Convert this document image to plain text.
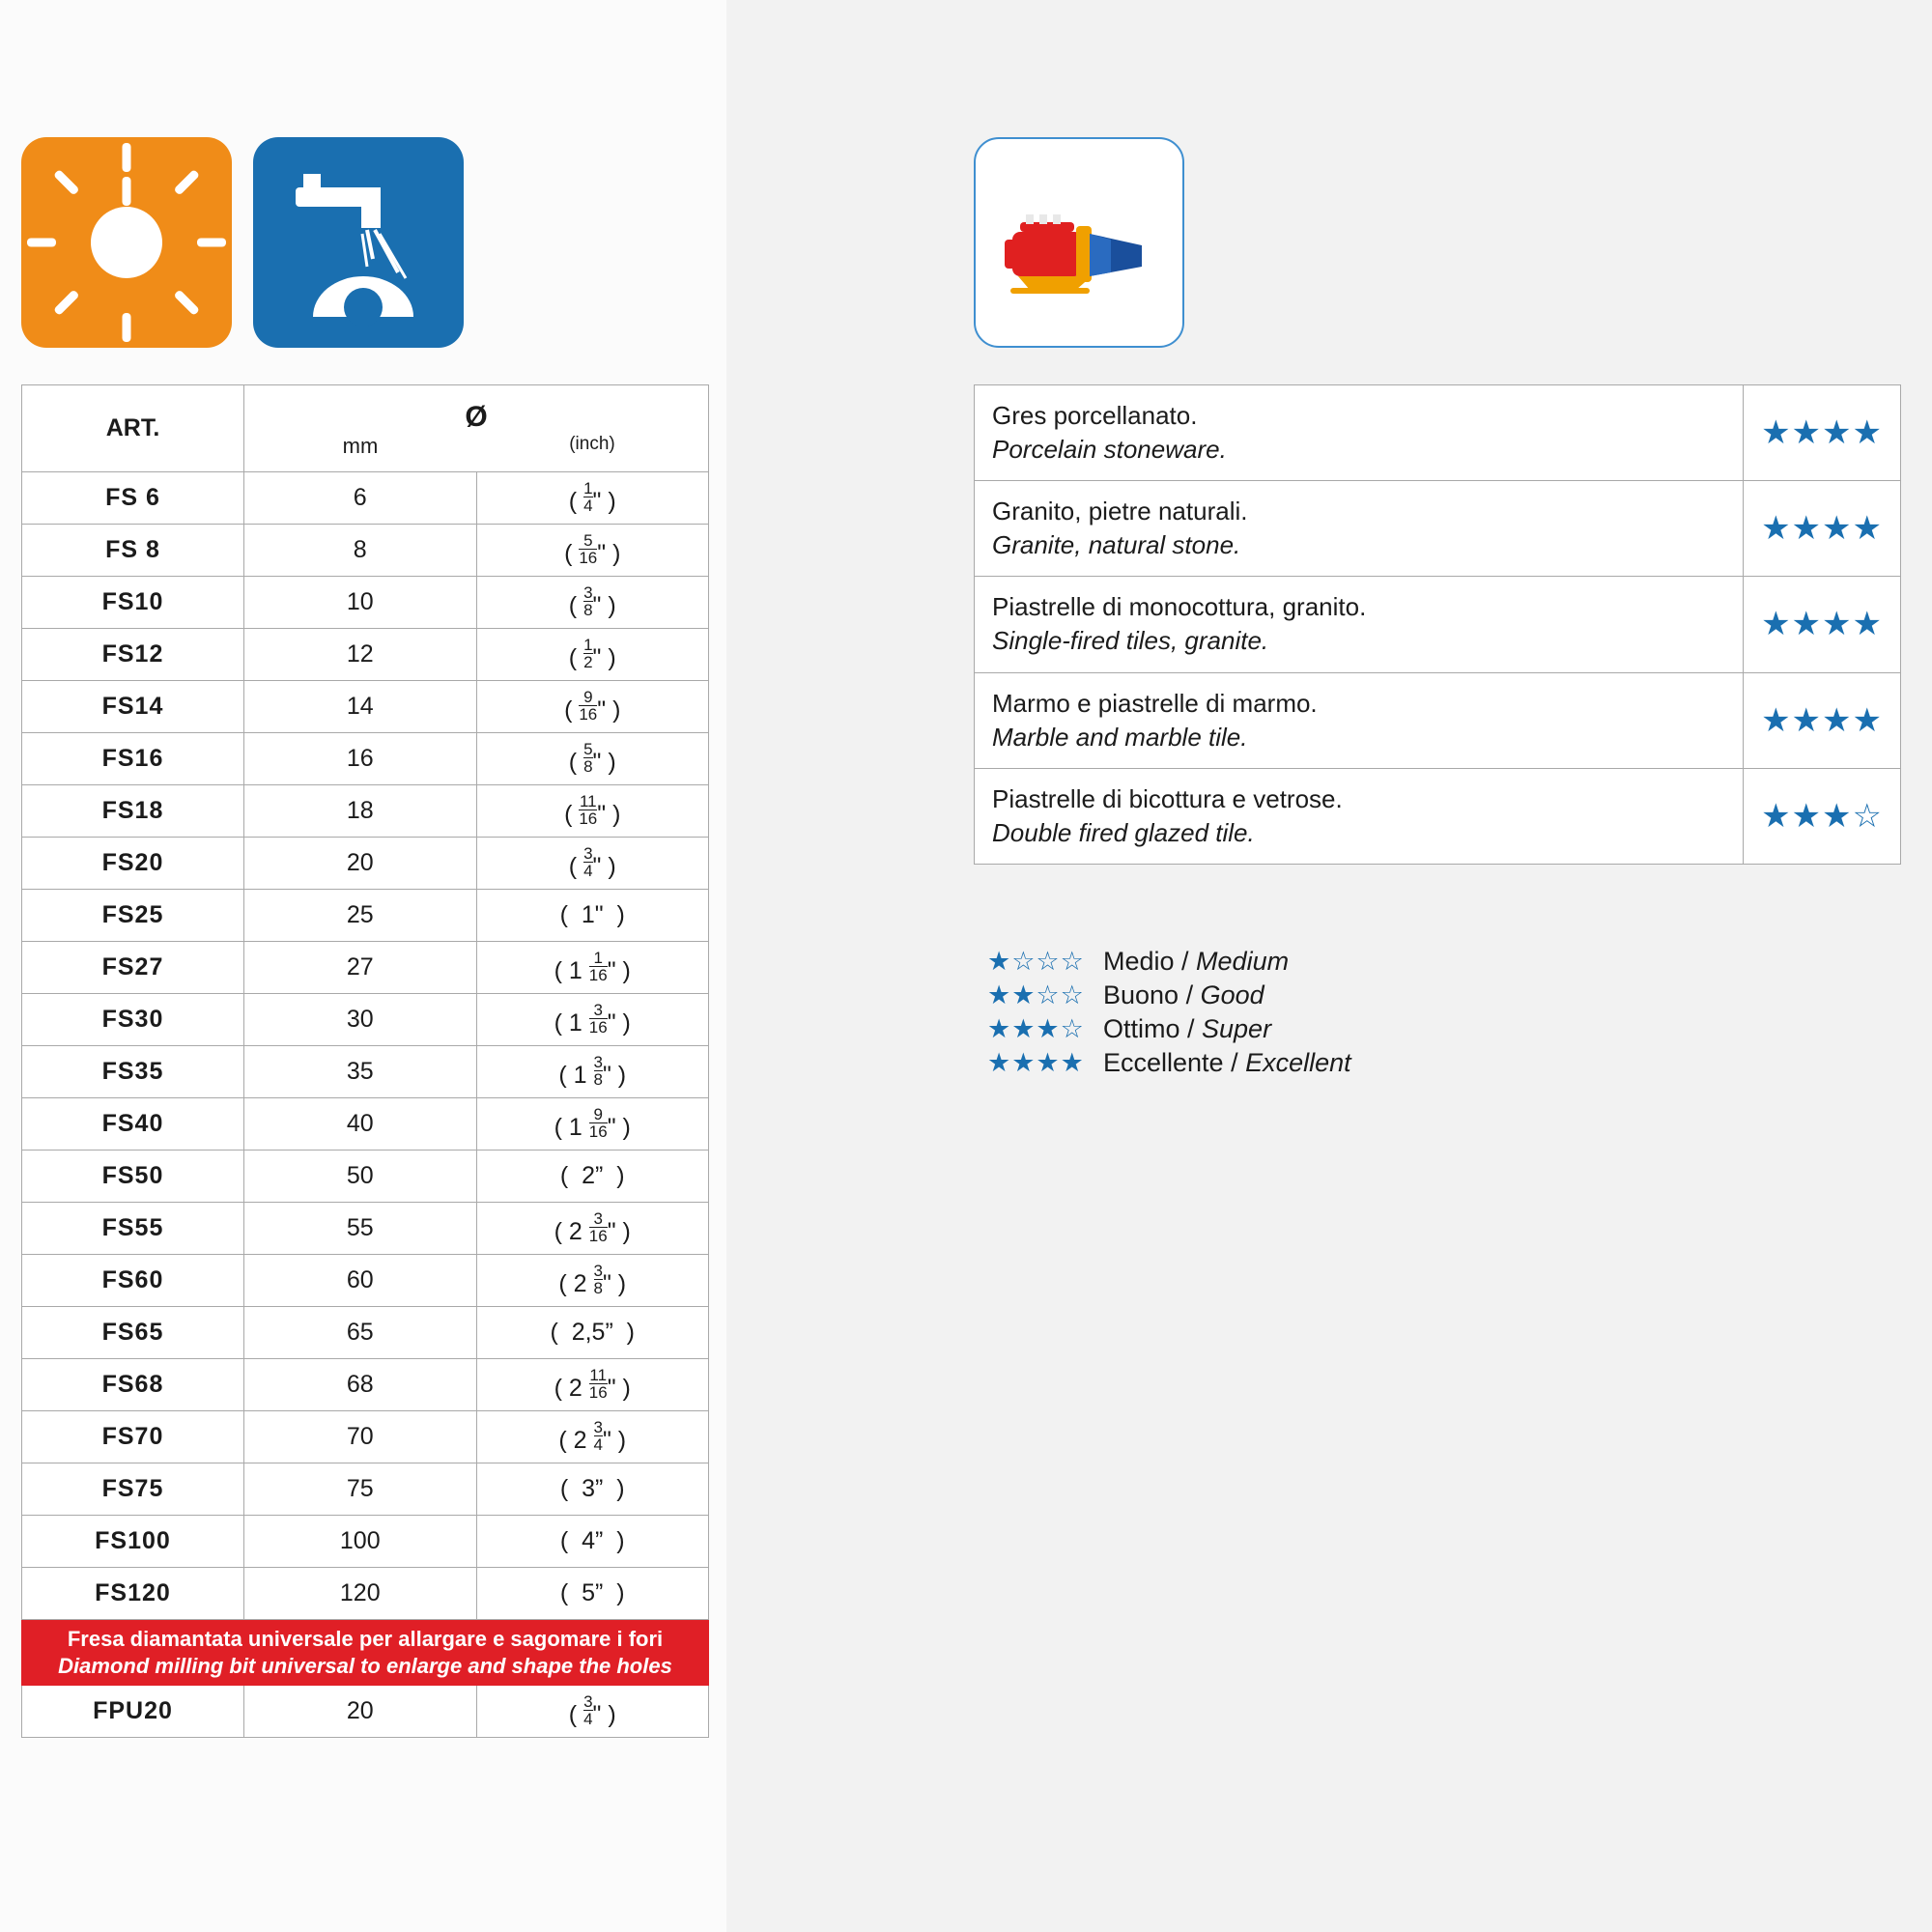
ART.	Ø
mm (inch)	

FS 6	6	( $\frac{1}{4}$ " )
FS 8	8	( $\frac{5}{16}$ " )
FS10	10	( $\frac{3}{8}$ " )
FS12	12	( $\frac{1}{2}$ " )
FS14	14	( $\frac{9}{16}$ " )
FS16	16	( $\frac{5}{8}$ " )
FS18	18	( $\frac{11}{16}$ " )
FS20	20	( $\frac{3}{4}$ " )
FS25	25	(  1"  )
FS27	27	( $1 \frac{1}{16}$ " )
FS30	30	( $1 \frac{3}{16}$ " )
FS35	35	( $1 \frac{3}{8}$ " )
FS40	40	( $1 \frac{9}{16}$ " )
FS50	50	(  2”  )
FS55	55	( $2 \frac{3}{16}$ " )
FS60	60	( $2 \frac{3}{8}$ " )
FS65	65	(  2,5”  )
FS68	68	( $2 \frac{11}{16}$ " )
FS70	70	( $2 \frac{3}{4}$ " )
FS75	75	(  3”  )
FS100	100	(  4”  )
FS120	120	(  5”  )

Fresa diamantata universale per allargare e sagomare i fori
Diamond milling bit universal to enlarge and shape the holes		

FPU20	20	( $\frac{3}{4}$ " )
Gres porcellanato.
Porcelain stoneware.	★★★★

Granito, pietre naturali.
Granite, natural stone.	★★★★

Piastrelle di monocottura, granito.
Single-fired tiles, granite.	★★★★

Marmo e piastrelle di marmo.
Marble and marble tile.	★★★★

Piastrelle di bicottura e vetrose.
Double fired glazed tile.	★★★☆
★☆☆☆ Medio / Medium
★★☆☆ Buono / Good
★★★☆ Ottimo / Super
★★★★ Eccellente / Excellent
